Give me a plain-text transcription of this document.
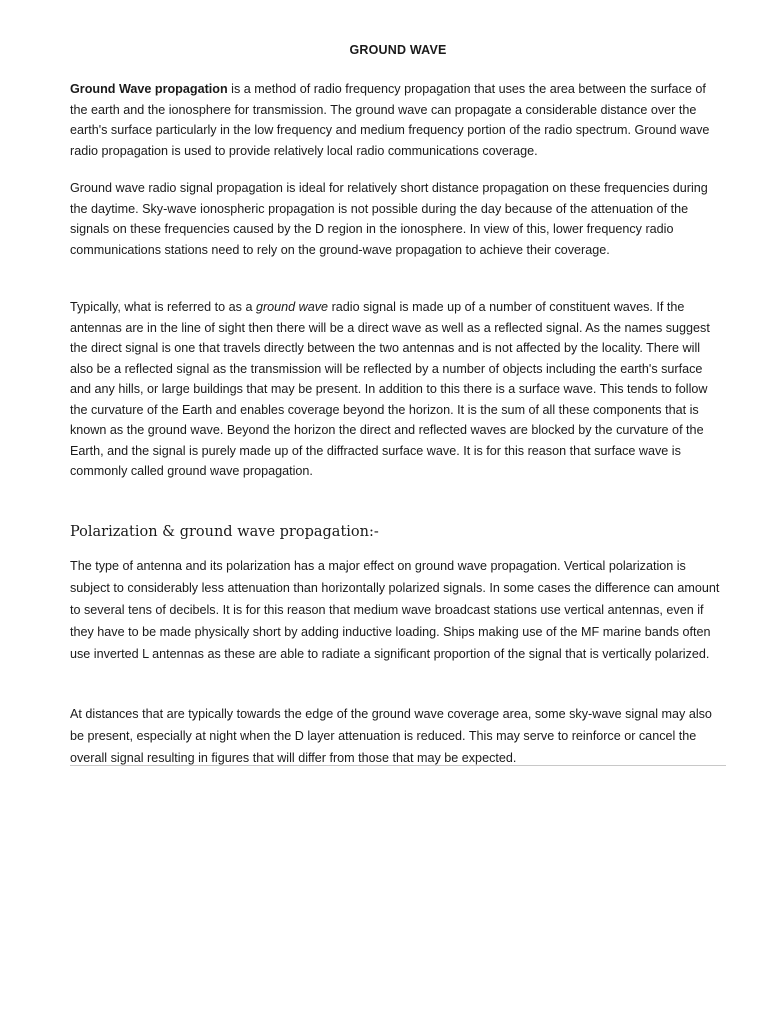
GROUND WAVE

Ground Wave propagation is a method of radio frequency propagation that uses the area between the surface of the earth and the ionosphere for transmission. The ground wave can propagate a considerable distance over the earth's surface particularly in the low frequency and medium frequency portion of the radio spectrum. Ground wave radio propagation is used to provide relatively local radio communications coverage.

Ground wave radio signal propagation is ideal for relatively short distance propagation on these frequencies during the daytime. Sky-wave ionospheric propagation is not possible during the day because of the attenuation of the signals on these frequencies caused by the D region in the ionosphere. In view of this, lower frequency radio communications stations need to rely on the ground-wave propagation to achieve their coverage.

Typically, what is referred to as a ground wave radio signal is made up of a number of constituent waves. If the antennas are in the line of sight then there will be a direct wave as well as a reflected signal. As the names suggest the direct signal is one that travels directly between the two antennas and is not affected by the locality. There will also be a reflected signal as the transmission will be reflected by a number of objects including the earth's surface and any hills, or large buildings that may be present. In addition to this there is a surface wave. This tends to follow the curvature of the Earth and enables coverage beyond the horizon. It is the sum of all these components that is known as the ground wave. Beyond the horizon the direct and reflected waves are blocked by the curvature of the Earth, and the signal is purely made up of the diffracted surface wave. It is for this reason that surface wave is commonly called ground wave propagation.

Polarization & ground wave propagation:-

The type of antenna and its polarization has a major effect on ground wave propagation. Vertical polarization is subject to considerably less attenuation than horizontally polarized signals. In some cases the difference can amount to several tens of decibels. It is for this reason that medium wave broadcast stations use vertical antennas, even if they have to be made physically short by adding inductive loading. Ships making use of the MF marine bands often use inverted L antennas as these are able to radiate a significant proportion of the signal that is vertically polarized.

At distances that are typically towards the edge of the ground wave coverage area, some sky-wave signal may also be present, especially at night when the D layer attenuation is reduced. This may serve to reinforce or cancel the overall signal resulting in figures that will differ from those that may be expected.
